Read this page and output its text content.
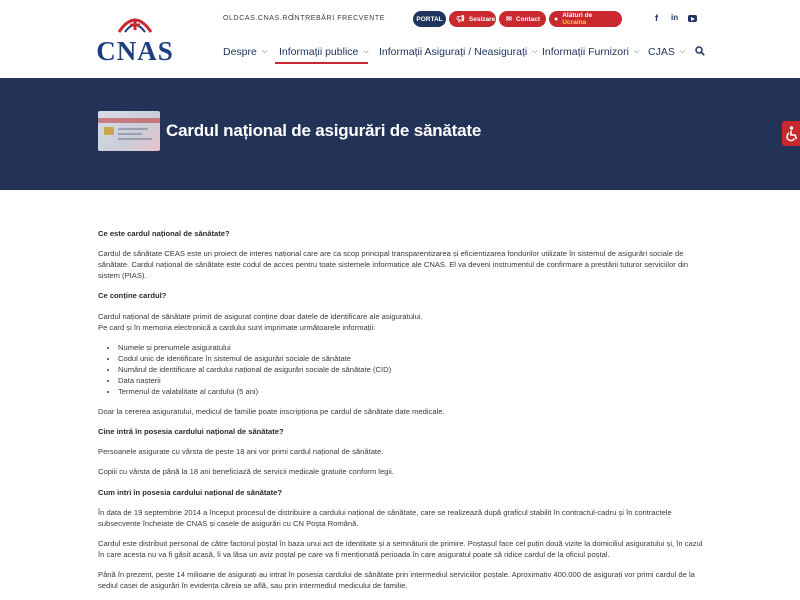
CNAS
OLDCAS.CNAS.RO
ÎNTREBĂRI FRECVENTE	PORTAL 📢︎ Sesizare ✉ Contact ● Alături de Ucraina	f in
Despre ⌵ Informații publice ⌵ Informații Asigurați / Neasigurați ⌵ Informații Furnizori ⌵ CJAS ⌵
Cardul național de asigurări de sănătate

Ce este cardul național de sănătate?

Cardul de sănătate CEAS este un proiect de interes național care are ca scop principal transparentizarea și eficientizarea fondurilor utilizate în sistemul de asigurări sociale de sănătate. Cardul național de sănătate este codul de acces pentru toate sistemele informatice ale CNAS. El va deveni instrumentul de confirmare a prestării tuturor serviciilor din sistem (PIAS).

Ce conține cardul?

Cardul național de sănătate primit de asigurat conține doar datele de identificare ale asiguratului.
Pe card și în memoria electronică a cardului sunt imprimate următoarele informații:

• Numele și prenumele asiguratului
• Codul unic de identificare în sistemul de asigurări sociale de sănătate
• Numărul de identificare al cardului național de asigurări sociale de sănătate (CID)
• Data nașterii
• Termenul de valabilitate al cardului (5 ani)

Doar la cererea asiguratului, medicul de familie poate inscripționa pe cardul de sănătate date medicale.

Cine intră în posesia cardului național de sănătate?

Persoanele asigurate cu vârsta de peste 18 ani vor primi cardul național de sănătate.

Copiii cu vârsta de până la 18 ani beneficiază de servicii medicale gratuite conform legii.

Cum intri în posesia cardului național de sănătate?

În data de 19 septembrie 2014 a început procesul de distribuire a cardului național de sănătate, care se realizează după graficul stabilit în contractul-cadru și în contractele subsecvente încheiate de CNAS și casele de asigurări cu CN Poșta Română.

Cardul este distribuit personal de către factorul poștal în baza unui act de identitate și a semnăturii de primire. Poștașul face cel puțin două vizite la domiciliul asiguratului și, în cazul în care acesta nu va fi găsit acasă, îi va lăsa un aviz poștal pe care va fi menționată perioada în care asiguratul poate să ridice cardul de la oficiul poștal.

Până în prezent, peste 14 milioane de asigurați au intrat în posesia cardului de sănătate prin intermediul serviciilor poștale. Aproximativ 400.000 de asigurați vor primi cardul de la sediul casei de asigurări în evidența căreia se află, sau prin intermediul medicului de familie.
